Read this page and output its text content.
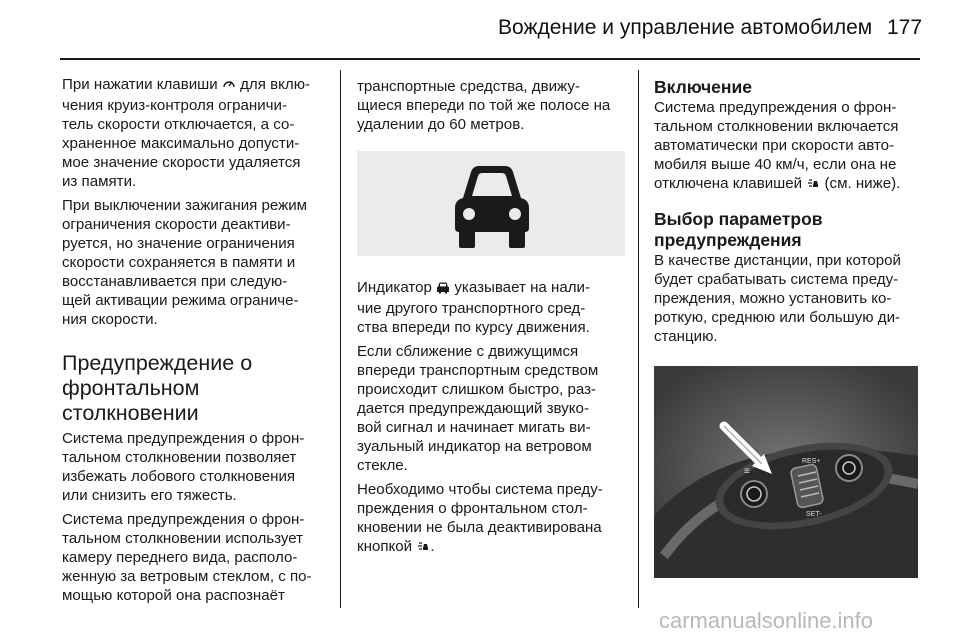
Вождение и управление автомобилем 177

При нажатии клавиши для вклю-

чения круиз-контроля ограничи-
тель скорости отключается, а со-
храненное максимально допусти-
мое значение скорости удаляется
из памяти.

При выключении зажигания режим
ограничения скорости деактиви-
руется, но значение ограничения
скорости сохраняется в памяти и
восстанавливается при следую-
щей активации режима ограниче-
ния скорости.

Предупреждение о
фронтальном
столкновении

Система предупреждения о фрон-
тальном столкновении позволяет
избежать лобового столкновения
или снизить его тяжесть.

Система предупреждения о фрон-
тальном столкновении использует
камеру переднего вида, располо-
женную за ветровым стеклом, с по-
мощью которой она распознаёт

транспортные средства, движу-
щиеся впереди по той же полосе на
удалении до 60 метров.

Индикатор указывает на нали-

чие другого транспортного сред-
ства впереди по курсу движения.

Если сближение с движущимся
впереди транспортным средством
происходит слишком быстро, раз-
дается предупреждающий звуко-
вой сигнал и начинает мигать ви-
зуальный индикатор на ветровом
стекле.

Необходимо чтобы система преду-
преждения о фронтальном стол-
кновении не была деактивирована
кнопкой .

Включение

Система предупреждения о фрон-
тальном столкновении включается
автоматически при скорости авто-
мобиля выше 40 км/ч, если она не
отключена клавишей (см. ниже).

Выбор параметров
предупреждения

В качестве дистанции, при которой
будет срабатывать система преду-
преждения, можно установить ко-
роткую, среднюю или большую ди-
станцию.

RES+
SET-
≡
carmanualsonline.info
